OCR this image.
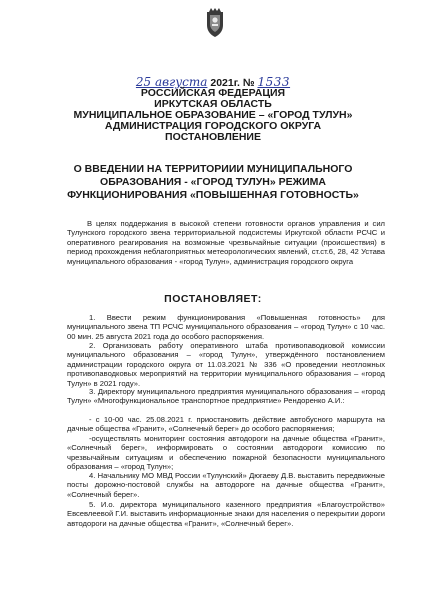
25 августа 2021г. № 1533
РОССИЙСКАЯ ФЕДЕРАЦИЯ
ИРКУТСКАЯ ОБЛАСТЬ
МУНИЦИПАЛЬНОЕ ОБРАЗОВАНИЕ – «ГОРОД ТУЛУН»
АДМИНИСТРАЦИЯ ГОРОДСКОГО ОКРУГА
ПОСТАНОВЛЕНИЕ
О ВВЕДЕНИИ НА ТЕРРИТОРИИИ МУНИЦИПАЛЬНОГО
ОБРАЗОВАНИЯ - «ГОРОД ТУЛУН» РЕЖИМА
ФУНКЦИОНИРОВАНИЯ «ПОВЫШЕННАЯ ГОТОВНОСТЬ»
В целях поддержания в высокой степени готовности органов управления и сил Тулунского городского звена территориальной подсистемы Иркутской области РСЧС и оперативного реагирования на возможные чрезвычайные ситуации (происшествия) в период прохождения неблагоприятных метеорологических явлений, ст.ст.6, 28, 42 Устава муниципального образования - «город Тулун», администрация городского округа
ПОСТАНОВЛЯЕТ:
1. Ввести режим функционирования «Повышенная готовность» для муниципального звена ТП РСЧС муниципального образования – «город Тулун» с 10 час. 00 мин. 25 августа 2021 года до особого распоряжения.
2. Организовать работу оперативного штаба противопаводковой комиссии муниципального образования – «город Тулун», утверждённого постановлением администрации городского округа от 11.03.2021 № 336 «О проведении неотложных противопаводковых мероприятий на территории муниципального образования – «город Тулун» в 2021 году».
3. Директору муниципального предприятия муниципального образования – «город Тулун» «Многофункциональное транспортное предприятие» Рендоренко А.И.:
- с 10-00 час. 25.08.2021 г. приостановить действие автобусного маршрута на дачные общества «Гранит», «Солнечный берег» до особого распоряжения;
-осуществлять мониторинг состояния автодороги на дачные общества «Гранит», «Солнечный берег», информировать о состоянии автодороги комиссию по чрезвычайным ситуациям и обеспечению пожарной безопасности муниципального образования – «город Тулун»;
4. Начальнику МО МВД России «Тулунский» Дюгаеву Д.В. выставить передвижные посты дорожно-постовой службы на автодороге на дачные общества «Гранит», «Солнечный берег».
5. И.о. директора муниципального казенного предприятия «Благоустройство» Евсевлеевой Г.И. выставить информационные знаки для населения о перекрытии дороги автодороги на дачные общества «Гранит», «Солнечный берег».
